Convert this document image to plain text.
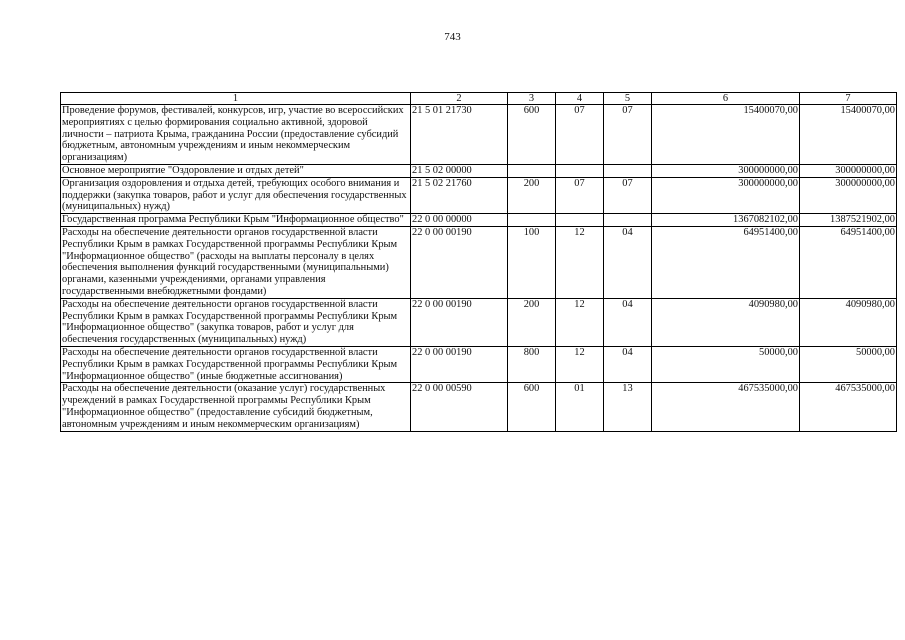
743
1	2	3	4	5	6	7
Проведение форумов, фестивалей, конкурсов, игр, участие во всероссийских мероприятиях с целью формирования социально активной, здоровой личности – патриота Крыма, гражданина России (предоставление субсидий бюджетным, автономным учреждениям и иным некоммерческим организациям)	21 5 01 21730	600	07	07	15400070,00	15400070,00
Основное мероприятие "Оздоровление и отдых детей"	21 5 02 00000				300000000,00	300000000,00
Организация оздоровления и отдыха детей, требующих особого внимания и поддержки (закупка товаров, работ и услуг для обеспечения государственных (муниципальных) нужд)	21 5 02 21760	200	07	07	300000000,00	300000000,00
Государственная программа Республики Крым "Информационное общество"	22 0 00 00000				1367082102,00	1387521902,00
Расходы на обеспечение деятельности органов государственной власти Республики Крым в рамках Государственной программы Республики Крым "Информационное общество" (расходы на выплаты персоналу в целях обеспечения выполнения функций государственными (муниципальными) органами, казенными учреждениями, органами управления государственными внебюджетными фондами)	22 0 00 00190	100	12	04	64951400,00	64951400,00
Расходы на обеспечение деятельности органов государственной власти Республики Крым в рамках Государственной программы Республики Крым "Информационное общество" (закупка товаров, работ и услуг для обеспечения государственных (муниципальных) нужд)	22 0 00 00190	200	12	04	4090980,00	4090980,00
Расходы на обеспечение деятельности органов государственной власти Республики Крым в рамках Государственной программы Республики Крым "Информационное общество" (иные бюджетные ассигнования)	22 0 00 00190	800	12	04	50000,00	50000,00
Расходы на обеспечение деятельности (оказание услуг) государственных учреждений в рамках Государственной программы Республики Крым "Информационное общество" (предоставление субсидий бюджетным, автономным учреждениям и иным некоммерческим организациям)	22 0 00 00590	600	01	13	467535000,00	467535000,00
